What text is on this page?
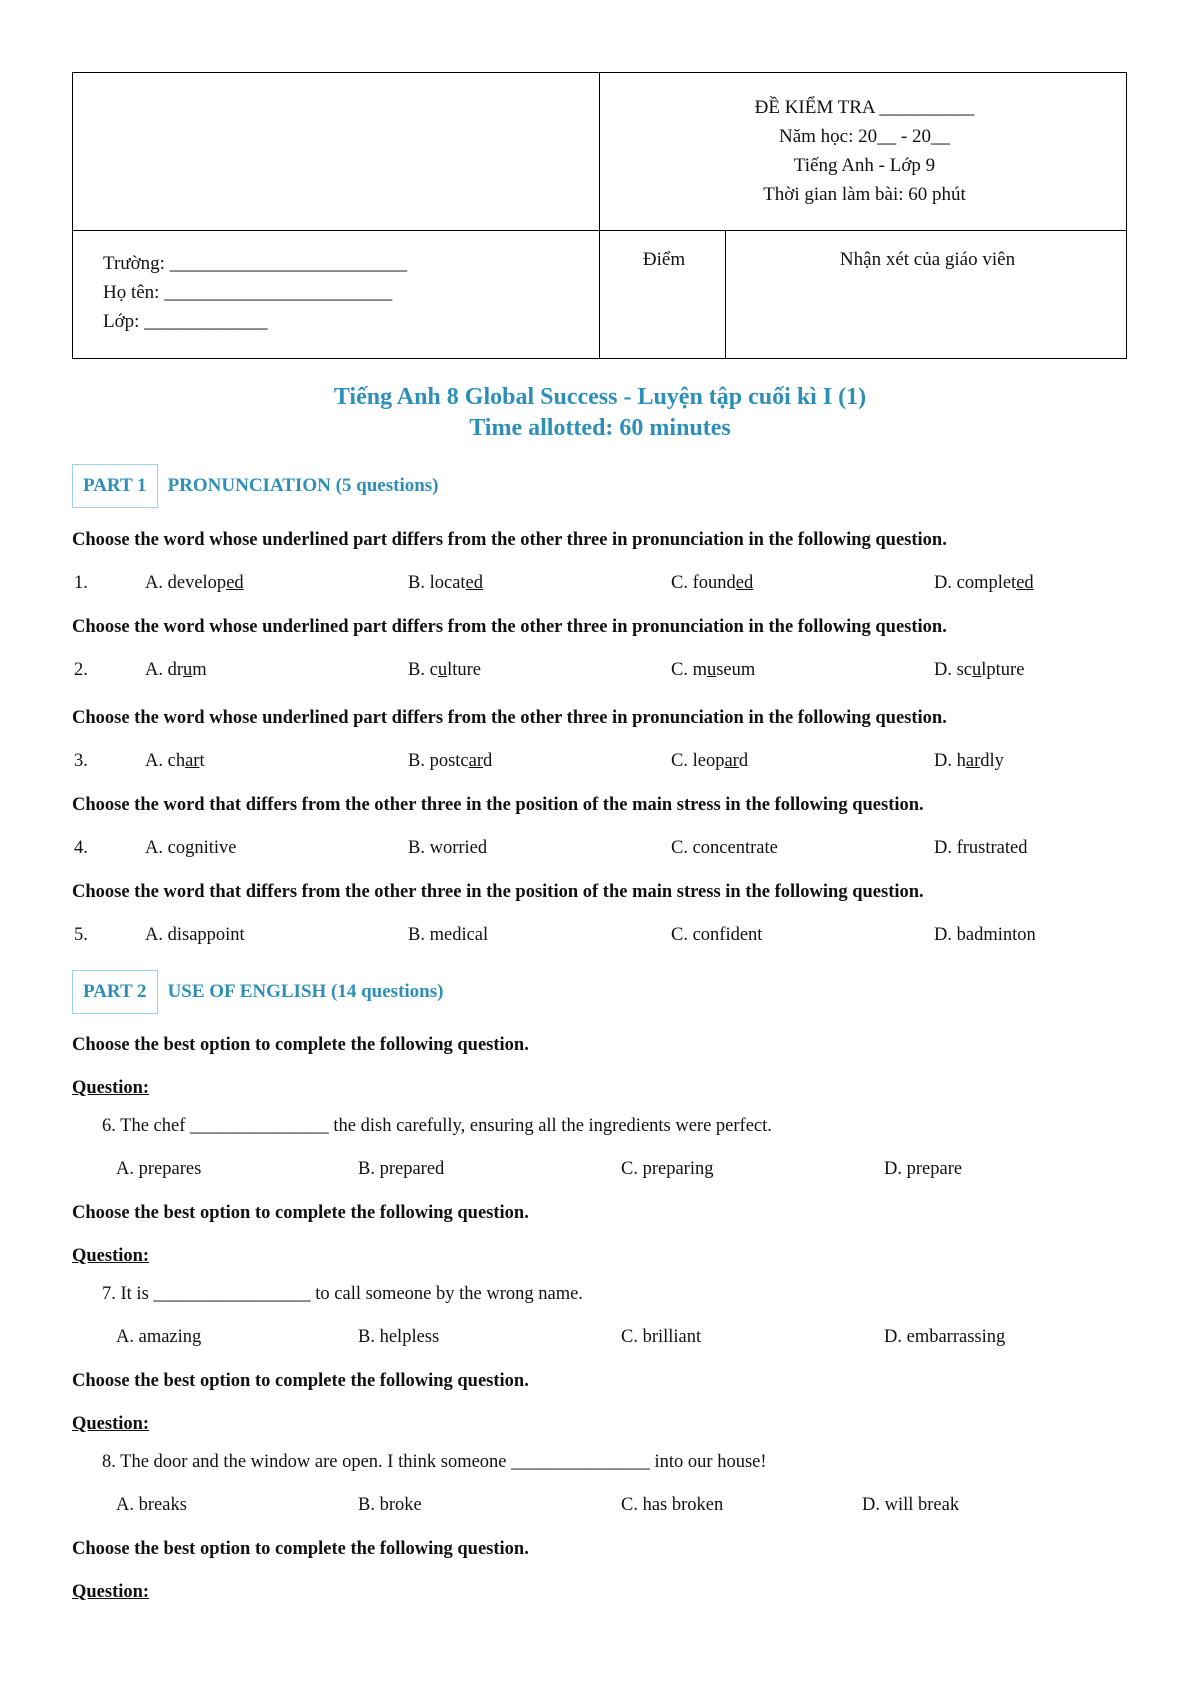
ĐỀ KIỂM TRA __________
Năm học: 20__ - 20__
Tiếng Anh - Lớp 9
Thời gian làm bài: 60 phút
Trường: _________________________
Họ tên: ________________________
Lớp: _____________
Điểm	Nhận xét của giáo viên
Tiếng Anh 8 Global Success - Luyện tập cuối kì I (1)
Time allotted: 60 minutes
PART 1	PRONUNCIATION (5 questions)
Choose the word whose underlined part differs from the other three in pronunciation in the following question.
1.	A. developed	B. located	C. founded	D. completed
Choose the word whose underlined part differs from the other three in pronunciation in the following question.
2.	A. drum	B. culture	C. museum	D. sculpture
Choose the word whose underlined part differs from the other three in pronunciation in the following question.
3.	A. chart	B. postcard	C. leopard	D. hardly
Choose the word that differs from the other three in the position of the main stress in the following question.
4.	A. cognitive	B. worried	C. concentrate	D. frustrated
Choose the word that differs from the other three in the position of the main stress in the following question.
5.	A. disappoint	B. medical	C. confident	D. badminton
PART 2	USE OF ENGLISH (14 questions)
Choose the best option to complete the following question.
Question:
6. The chef _______________ the dish carefully, ensuring all the ingredients were perfect.
A. prepares	B. prepared	C. preparing	D. prepare
Choose the best option to complete the following question.
Question:
7. It is _________________ to call someone by the wrong name.
A. amazing	B. helpless	C. brilliant	D. embarrassing
Choose the best option to complete the following question.
Question:
8. The door and the window are open. I think someone _______________ into our house!
A. breaks	B. broke	C. has broken	D. will break
Choose the best option to complete the following question.
Question:
